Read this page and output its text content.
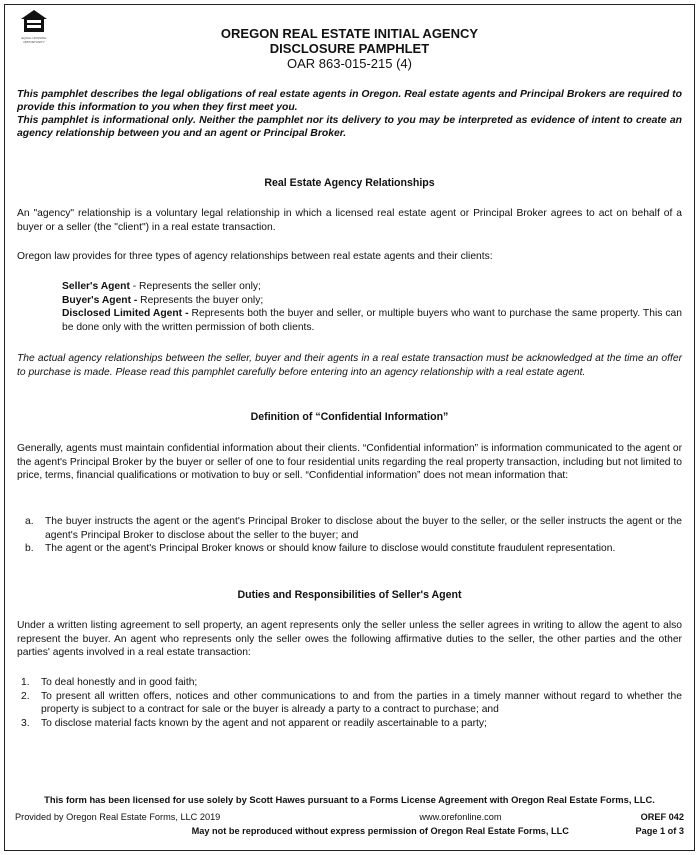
EQUAL HOUSING OPPORTUNITY
OREGON REAL ESTATE INITIAL AGENCY
DISCLOSURE PAMPHLET
OAR 863-015-215 (4)

This pamphlet describes the legal obligations of real estate agents in Oregon. Real estate agents and Principal Brokers are required to provide this information to you when they first meet you.

This pamphlet is informational only. Neither the pamphlet nor its delivery to you may be interpreted as evidence of intent to create an agency relationship between you and an agent or Principal Broker.

Real Estate Agency Relationships

An "agency" relationship is a voluntary legal relationship in which a licensed real estate agent or Principal Broker agrees to act on behalf of a buyer or a seller (the "client") in a real estate transaction.

Oregon law provides for three types of agency relationships between real estate agents and their clients:

Seller's Agent - Represents the seller only;
Buyer's Agent - Represents the buyer only;
Disclosed Limited Agent - Represents both the buyer and seller, or multiple buyers who want to purchase the same property. This can be done only with the written permission of both clients.

The actual agency relationships between the seller, buyer and their agents in a real estate transaction must be acknowledged at the time an offer to purchase is made. Please read this pamphlet carefully before entering into an agency relationship with a real estate agent.

Definition of “Confidential Information”

Generally, agents must maintain confidential information about their clients. “Confidential information” is information communicated to the agent or the agent's Principal Broker by the buyer or seller of one to four residential units regarding the real property transaction, including but not limited to price, terms, financial qualifications or motivation to buy or sell. “Confidential information” does not mean information that:

a.	The buyer instructs the agent or the agent's Principal Broker to disclose about the buyer to the seller, or the seller instructs the agent or the agent's Principal Broker to disclose about the seller to the buyer; and
b.	The agent or the agent's Principal Broker knows or should know failure to disclose would constitute fraudulent representation.
Duties and Responsibilities of Seller's Agent

Under a written listing agreement to sell property, an agent represents only the seller unless the seller agrees in writing to allow the agent to also represent the buyer. An agent who represents only the seller owes the following affirmative duties to the seller, the other parties and the other parties' agents involved in a real estate transaction:

1.	To deal honestly and in good faith;
2.	To present all written offers, notices and other communications to and from the parties in a timely manner without regard to whether the property is subject to a contract for sale or the buyer is already a party to a contract to purchase; and
3.	To disclose material facts known by the agent and not apparent or readily ascertainable to a party;
This form has been licensed for use solely by Scott Hawes pursuant to a Forms License Agreement with Oregon Real Estate Forms, LLC.
Provided by Oregon Real Estate Forms, LLC 2019	www.orefonline.com	OREF 042
May not be reproduced without express permission of Oregon Real Estate Forms, LLC	Page 1 of 3
